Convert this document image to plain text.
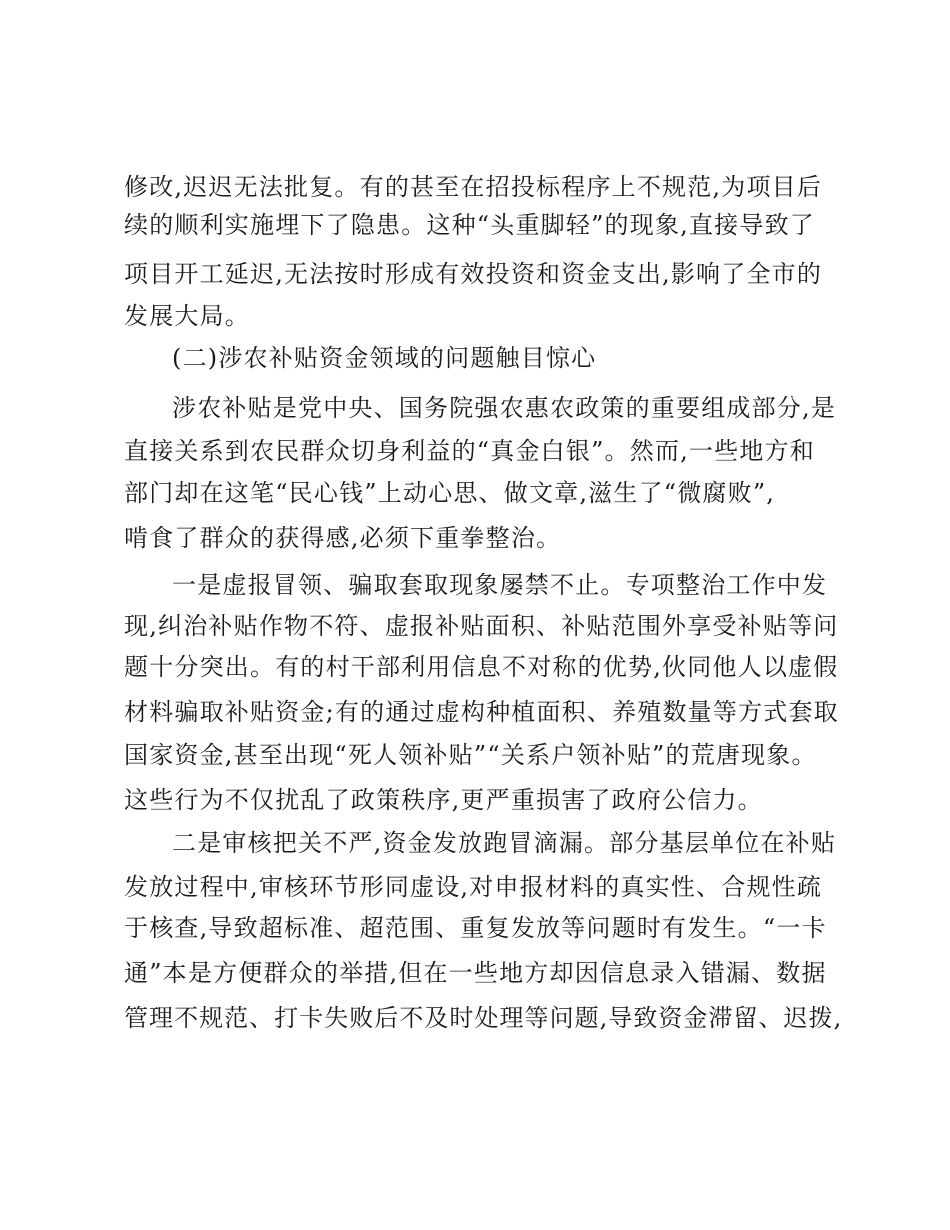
修改,迟迟无法批复。有的甚至在招投标程序上不规范,为项目后
续的顺利实施埋下了隐患。这种“头重脚轻”的现象,直接导致了
项目开工延迟,无法按时形成有效投资和资金支出,影响了全市的
发展大局。
(二)涉农补贴资金领域的问题触目惊心
涉农补贴是党中央、国务院强农惠农政策的重要组成部分,是
直接关系到农民群众切身利益的“真金白银”。然而,一些地方和
部门却在这笔“民心钱”上动心思、做文章,滋生了“微腐败”,
啃食了群众的获得感,必须下重拳整治。
一是虚报冒领、骗取套取现象屡禁不止。专项整治工作中发
现,纠治补贴作物不符、虚报补贴面积、补贴范围外享受补贴等问
题十分突出。有的村干部利用信息不对称的优势,伙同他人以虚假
材料骗取补贴资金;有的通过虚构种植面积、养殖数量等方式套取
国家资金,甚至出现“死人领补贴”“关系户领补贴”的荒唐现象。
这些行为不仅扰乱了政策秩序,更严重损害了政府公信力。
二是审核把关不严,资金发放跑冒滴漏。部分基层单位在补贴
发放过程中,审核环节形同虚设,对申报材料的真实性、合规性疏
于核查,导致超标准、超范围、重复发放等问题时有发生。“一卡
通”本是方便群众的举措,但在一些地方却因信息录入错漏、数据
管理不规范、打卡失败后不及时处理等问题,导致资金滞留、迟拨,
